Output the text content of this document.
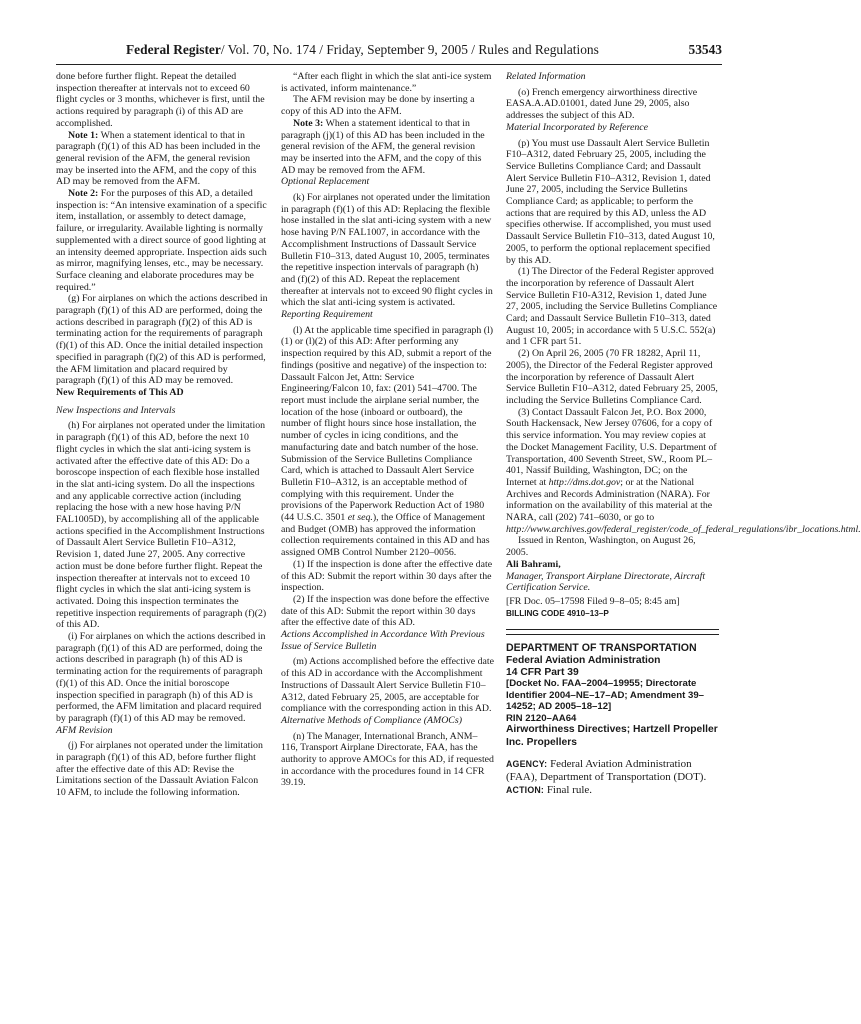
Federal Register/ Vol. 70, No. 174 / Friday, September 9, 2005 / Rules and Regulations	53543

done before further flight. Repeat the detailed inspection thereafter at intervals not to exceed 60 flight cycles or 3 months, whichever is first, until the actions required by paragraph (i) of this AD are accomplished.

Note 1: When a statement identical to that in paragraph (f)(1) of this AD has been included in the general revision of the AFM, the general revision may be inserted into the AFM, and the copy of this AD may be removed from the AFM.

Note 2: For the purposes of this AD, a detailed inspection is: “An intensive examination of a specific item, installation, or assembly to detect damage, failure, or irregularity. Available lighting is normally supplemented with a direct source of good lighting at an intensity deemed appropriate. Inspection aids such as mirror, magnifying lenses, etc., may be necessary. Surface cleaning and elaborate procedures may be required.”

(g) For airplanes on which the actions described in paragraph (f)(1) of this AD are performed, doing the actions described in paragraph (f)(2) of this AD is terminating action for the requirements of paragraph (f)(1) of this AD. Once the initial detailed inspection specified in paragraph (f)(2) of this AD is performed, the AFM limitation and placard required by paragraph (f)(1) of this AD may be removed.

New Requirements of This AD

New Inspections and Intervals

(h) For airplanes not operated under the limitation in paragraph (f)(1) of this AD, before the next 10 flight cycles in which the slat anti-icing system is activated after the effective date of this AD: Do a boroscope inspection of each flexible hose installed in the slat anti-icing system. Do all the inspections and any applicable corrective action (including replacing the hose with a new hose having P/N FAL1005D), by accomplishing all of the applicable actions specified in the Accomplishment Instructions of Dassault Alert Service Bulletin F10–A312, Revision 1, dated June 27, 2005. Any corrective action must be done before further flight. Repeat the inspection thereafter at intervals not to exceed 10 flight cycles in which the slat anti-icing system is activated. Doing this inspection terminates the repetitive inspection requirements of paragraph (f)(2) of this AD.

(i) For airplanes on which the actions described in paragraph (f)(1) of this AD are performed, doing the actions described in paragraph (h) of this AD is terminating action for the requirements of paragraph (f)(1) of this AD. Once the initial boroscope inspection specified in paragraph (h) of this AD is performed, the AFM limitation and placard required by paragraph (f)(1) of this AD may be removed.

AFM Revision

(j) For airplanes not operated under the limitation in paragraph (f)(1) of this AD, before further flight after the effective date of this AD: Revise the Limitations section of the Dassault Aviation Falcon 10 AFM, to include the following information.

“After each flight in which the slat anti-ice system is activated, inform maintenance.”

The AFM revision may be done by inserting a copy of this AD into the AFM.

Note 3: When a statement identical to that in paragraph (j)(1) of this AD has been included in the general revision of the AFM, the general revision may be inserted into the AFM, and the copy of this AD may be removed from the AFM.

Optional Replacement

(k) For airplanes not operated under the limitation in paragraph (f)(1) of this AD: Replacing the flexible hose installed in the slat anti-icing system with a new hose having P/N FAL1007, in accordance with the Accomplishment Instructions of Dassault Service Bulletin F10–313, dated August 10, 2005, terminates the repetitive inspection intervals of paragraph (h) and (f)(2) of this AD. Repeat the replacement thereafter at intervals not to exceed 90 flight cycles in which the slat anti-icing system is activated.

Reporting Requirement

(l) At the applicable time specified in paragraph (l)(1) or (l)(2) of this AD: After performing any inspection required by this AD, submit a report of the findings (positive and negative) of the inspection to: Dassault Falcon Jet, Attn: Service Engineering/Falcon 10, fax: (201) 541–4700. The report must include the airplane serial number, the location of the hose (inboard or outboard), the number of flight hours since hose installation, the number of cycles in icing conditions, and the manufacturing date and batch number of the hose. Submission of the Service Bulletins Compliance Card, which is attached to Dassault Alert Service Bulletin F10–A312, is an acceptable method of complying with this requirement. Under the provisions of the Paperwork Reduction Act of 1980 (44 U.S.C. 3501 et seq.), the Office of Management and Budget (OMB) has approved the information collection requirements contained in this AD and has assigned OMB Control Number 2120–0056.

(1) If the inspection is done after the effective date of this AD: Submit the report within 30 days after the inspection.

(2) If the inspection was done before the effective date of this AD: Submit the report within 30 days after the effective date of this AD.

Actions Accomplished in Accordance With Previous Issue of Service Bulletin

(m) Actions accomplished before the effective date of this AD in accordance with the Accomplishment Instructions of Dassault Alert Service Bulletin F10–A312, dated February 25, 2005, are acceptable for compliance with the corresponding action in this AD.

Alternative Methods of Compliance (AMOCs)

(n) The Manager, International Branch, ANM–116, Transport Airplane Directorate, FAA, has the authority to approve AMOCs for this AD, if requested in accordance with the procedures found in 14 CFR 39.19.

Related Information

(o) French emergency airworthiness directive EASA.A.AD.01001, dated June 29, 2005, also addresses the subject of this AD.

Material Incorporated by Reference

(p) You must use Dassault Alert Service Bulletin F10–A312, dated February 25, 2005, including the Service Bulletins Compliance Card; and Dassault Alert Service Bulletin F10–A312, Revision 1, dated June 27, 2005, including the Service Bulletins Compliance Card; as applicable; to perform the actions that are required by this AD, unless the AD specifies otherwise. If accomplished, you must used Dassault Service Bulletin F10–313, dated August 10, 2005, to perform the optional replacement specified by this AD.

(1) The Director of the Federal Register approved the incorporation by reference of Dassault Alert Service Bulletin F10-A312, Revision 1, dated June 27, 2005, including the Service Bulletins Compliance Card; and Dassault Service Bulletin F10–313, dated August 10, 2005; in accordance with 5 U.S.C. 552(a) and 1 CFR part 51.

(2) On April 26, 2005 (70 FR 18282, April 11, 2005), the Director of the Federal Register approved the incorporation by reference of Dassault Alert Service Bulletin F10–A312, dated February 25, 2005, including the Service Bulletins Compliance Card.

(3) Contact Dassault Falcon Jet, P.O. Box 2000, South Hackensack, New Jersey 07606, for a copy of this service information. You may review copies at the Docket Management Facility, U.S. Department of Transportation, 400 Seventh Street, SW., Room PL–401, Nassif Building, Washington, DC; on the Internet at http://dms.dot.gov; or at the National Archives and Records Administration (NARA). For information on the availability of this material at the NARA, call (202) 741–6030, or go to http://www.archives.gov/federal_register/code_of_federal_regulations/ibr_locations.html.

Issued in Renton, Washington, on August 26, 2005.

Ali Bahrami,

Manager, Transport Airplane Directorate, Aircraft Certification Service.

[FR Doc. 05–17598 Filed 9–8–05; 8:45 am]

BILLING CODE 4910–13–P

DEPARTMENT OF TRANSPORTATION

Federal Aviation Administration

14 CFR Part 39

[Docket No. FAA–2004–19955; Directorate Identifier 2004–NE–17–AD; Amendment 39–14252; AD 2005–18–12]

RIN 2120–AA64

Airworthiness Directives; Hartzell Propeller Inc. Propellers

AGENCY: Federal Aviation Administration (FAA), Department of Transportation (DOT).

ACTION: Final rule.
